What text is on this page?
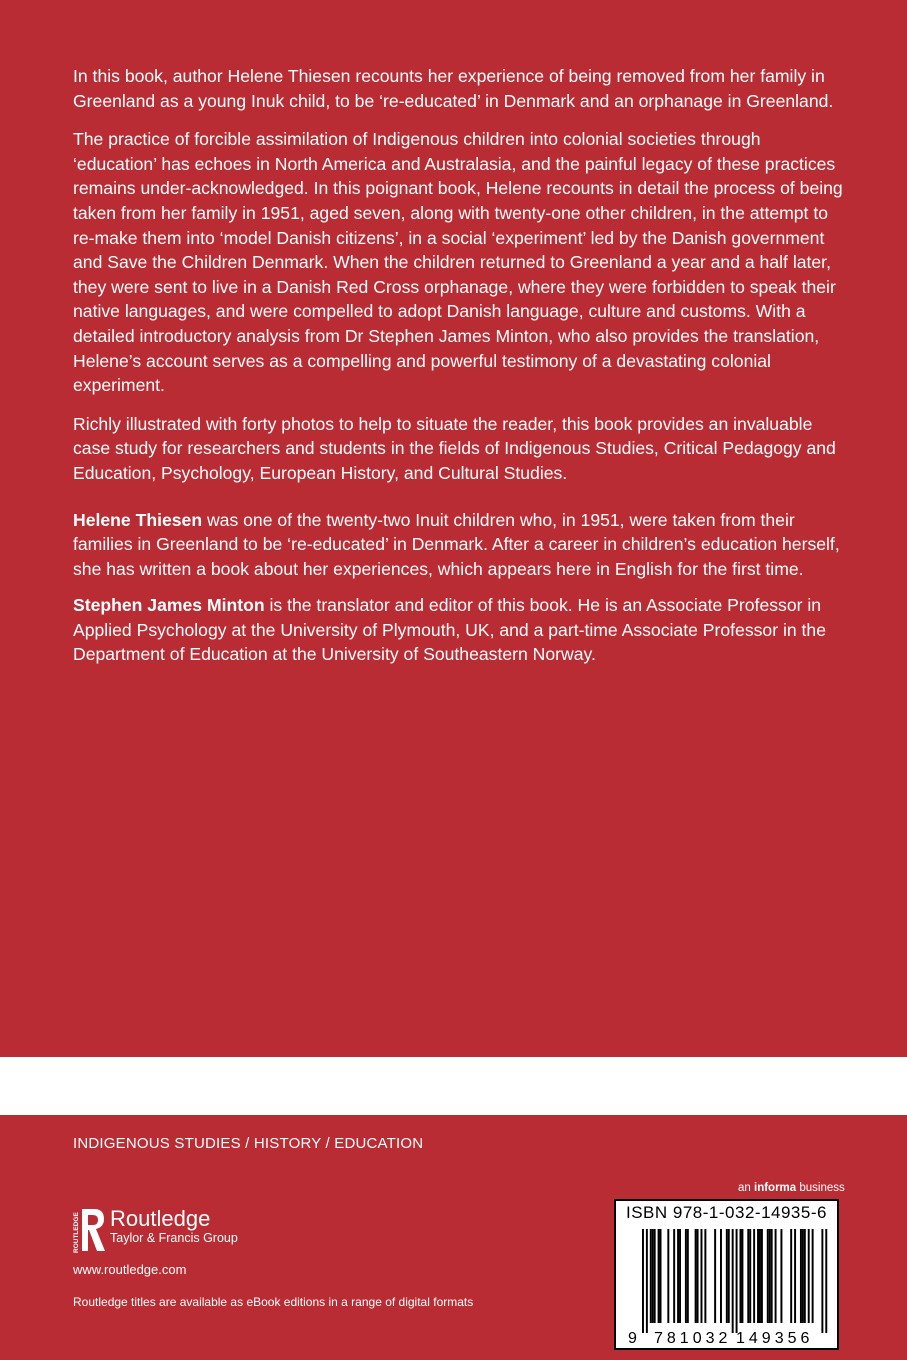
In this book, author Helene Thiesen recounts her experience of being removed from her family in Greenland as a young Inuk child, to be ‘re-educated’ in Denmark and an orphanage in Greenland.

The practice of forcible assimilation of Indigenous children into colonial societies through ‘education’ has echoes in North America and Australasia, and the painful legacy of these practices remains under-acknowledged. In this poignant book, Helene recounts in detail the process of being taken from her family in 1951, aged seven, along with twenty-one other children, in the attempt to re-make them into ‘model Danish citizens’, in a social ‘experiment’ led by the Danish government and Save the Children Denmark. When the children returned to Greenland a year and a half later, they were sent to live in a Danish Red Cross orphanage, where they were forbidden to speak their native languages, and were compelled to adopt Danish language, culture and customs. With a detailed introductory analysis from Dr Stephen James Minton, who also provides the translation, Helene’s account serves as a compelling and powerful testimony of a devastating colonial experiment.

Richly illustrated with forty photos to help to situate the reader, this book provides an invaluable case study for researchers and students in the fields of Indigenous Studies, Critical Pedagogy and Education, Psychology, European History, and Cultural Studies.

Helene Thiesen was one of the twenty-two Inuit children who, in 1951, were taken from their families in Greenland to be ‘re-educated’ in Denmark. After a career in children’s education herself, she has written a book about her experiences, which appears here in English for the first time.

Stephen James Minton is the translator and editor of this book. He is an Associate Professor in Applied Psychology at the University of Plymouth, UK, and a part-time Associate Professor in the Department of Education at the University of Southeastern Norway.

INDIGENOUS STUDIES / HISTORY / EDUCATION
ROUTLEDGE Routledge
Taylor & Francis Group
www.routledge.com
Routledge titles are available as eBook editions in a range of digital formats
an informa business
ISBN 978-1-032-14935-6
9 781032 149356
